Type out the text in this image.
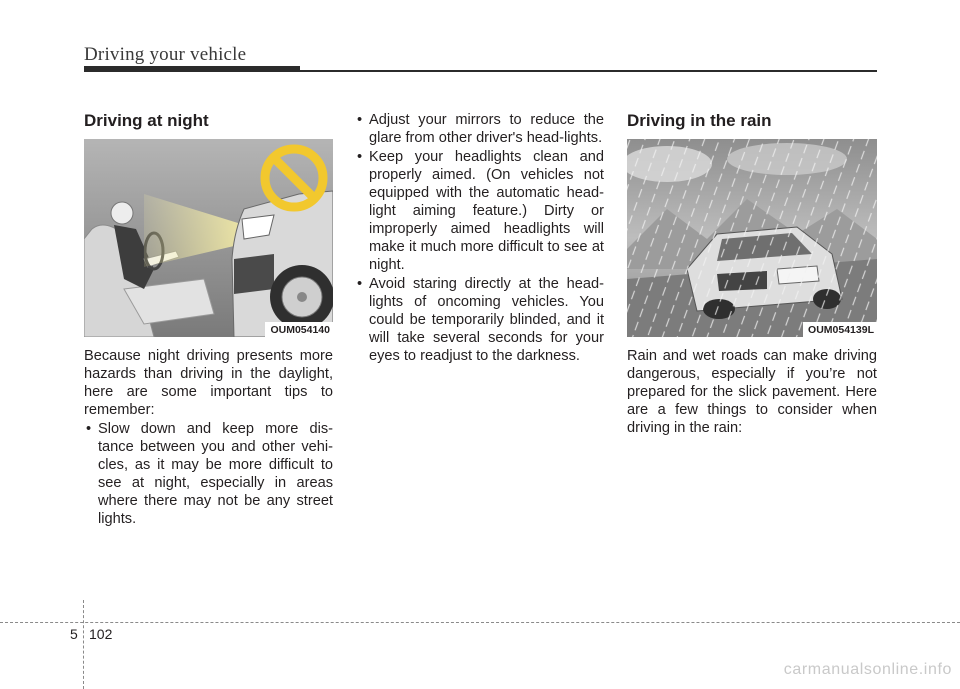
Driving your vehicle
Driving at night
OUM054140

Because night driving presents more hazards than driving in the daylight, here are some important tips to remember:

• Slow down and keep more dis-tance between you and other vehi-cles, as it may be more difficult to see at night, especially in areas where there may not be any street lights.
• Adjust your mirrors to reduce the glare from other driver's head-lights.
• Keep your headlights clean and properly aimed. (On vehicles not equipped with the automatic head-light aiming feature.) Dirty or improperly aimed headlights will make it much more difficult to see at night.
• Avoid staring directly at the head-lights of oncoming vehicles. You could be temporarily blinded, and it will take several seconds for your eyes to readjust to the darkness.
Driving in the rain
OUM054139L

Rain and wet roads can make driving dangerous, especially if you’re not prepared for the slick pavement. Here are a few things to consider when driving in the rain:

5 102
carmanualsonline.info
